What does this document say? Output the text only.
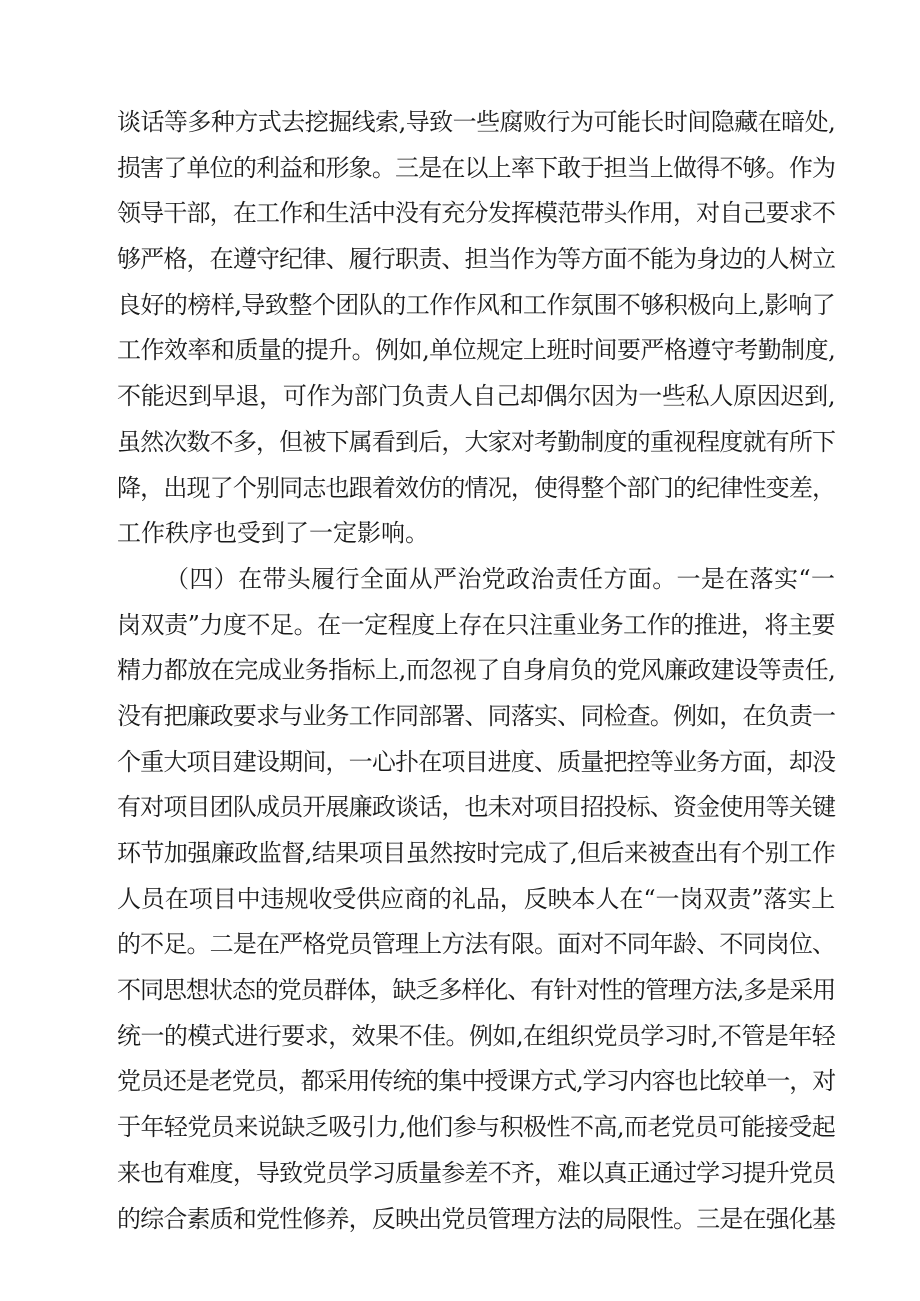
谈话等多种方式去挖掘线索,导致一些腐败行为可能长时间隐藏在暗处,
损害了单位的利益和形象。三是在以上率下敢于担当上做得不够。作为
领导干部，在工作和生活中没有充分发挥模范带头作用，对自己要求不
够严格，在遵守纪律、履行职责、担当作为等方面不能为身边的人树立
良好的榜样,导致整个团队的工作作风和工作氛围不够积极向上,影响了
工作效率和质量的提升。例如,单位规定上班时间要严格遵守考勤制度,
不能迟到早退，可作为部门负责人自己却偶尔因为一些私人原因迟到,
虽然次数不多，但被下属看到后，大家对考勤制度的重视程度就有所下
降，出现了个别同志也跟着效仿的情况，使得整个部门的纪律性变差，
工作秩序也受到了一定影响。
（四）在带头履行全面从严治党政治责任方面。一是在落实“一
岗双责”力度不足。在一定程度上存在只注重业务工作的推进，将主要
精力都放在完成业务指标上,而忽视了自身肩负的党风廉政建设等责任,
没有把廉政要求与业务工作同部署、同落实、同检查。例如，在负责一
个重大项目建设期间，一心扑在项目进度、质量把控等业务方面，却没
有对项目团队成员开展廉政谈话，也未对项目招投标、资金使用等关键
环节加强廉政监督,结果项目虽然按时完成了,但后来被查出有个别工作
人员在项目中违规收受供应商的礼品，反映本人在“一岗双责”落实上
的不足。二是在严格党员管理上方法有限。面对不同年龄、不同岗位、
不同思想状态的党员群体，缺乏多样化、有针对性的管理方法,多是采用
统一的模式进行要求，效果不佳。例如,在组织党员学习时,不管是年轻
党员还是老党员，都采用传统的集中授课方式,学习内容也比较单一，对
于年轻党员来说缺乏吸引力,他们参与积极性不高,而老党员可能接受起
来也有难度，导致党员学习质量参差不齐，难以真正通过学习提升党员
的综合素质和党性修养，反映出党员管理方法的局限性。三是在强化基
